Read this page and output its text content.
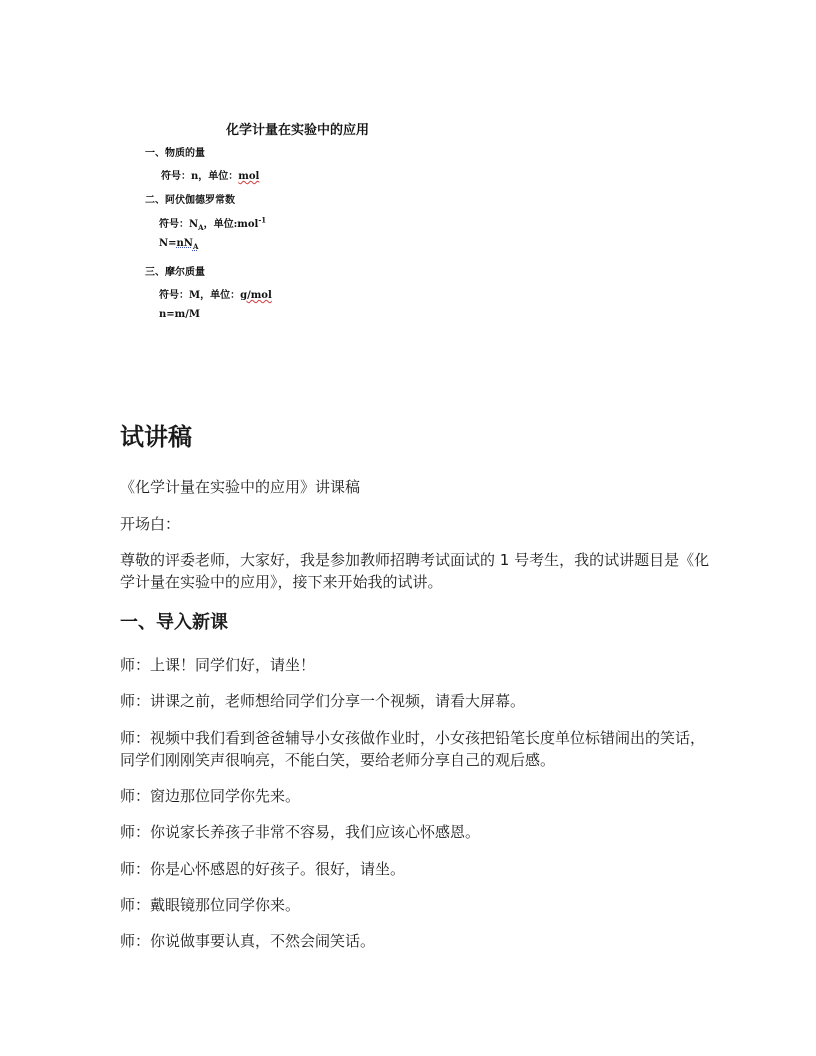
化学计量在实验中的应用
一、物质的量
符号：n，单位：mol
二、阿伏伽德罗常数
符号：$N_A$，单位:mol$^{-1}$
$N=nN_A$
三、摩尔质量
符号：M，单位：g/mol
n=m/M
试讲稿

《化学计量在实验中的应用》讲课稿

开场白：

尊敬的评委老师，大家好，我是参加教师招聘考试面试的 1 号考生，我的试讲题目是《化学计量在实验中的应用》，接下来开始我的试讲。

一、导入新课

师：上课！同学们好，请坐！

师：讲课之前，老师想给同学们分享一个视频，请看大屏幕。

师：视频中我们看到爸爸辅导小女孩做作业时，小女孩把铅笔长度单位标错闹出的笑话，同学们刚刚笑声很响亮，不能白笑，要给老师分享自己的观后感。

师：窗边那位同学你先来。

师：你说家长养孩子非常不容易，我们应该心怀感恩。

师：你是心怀感恩的好孩子。很好，请坐。

师：戴眼镜那位同学你来。

师：你说做事要认真，不然会闹笑话。
